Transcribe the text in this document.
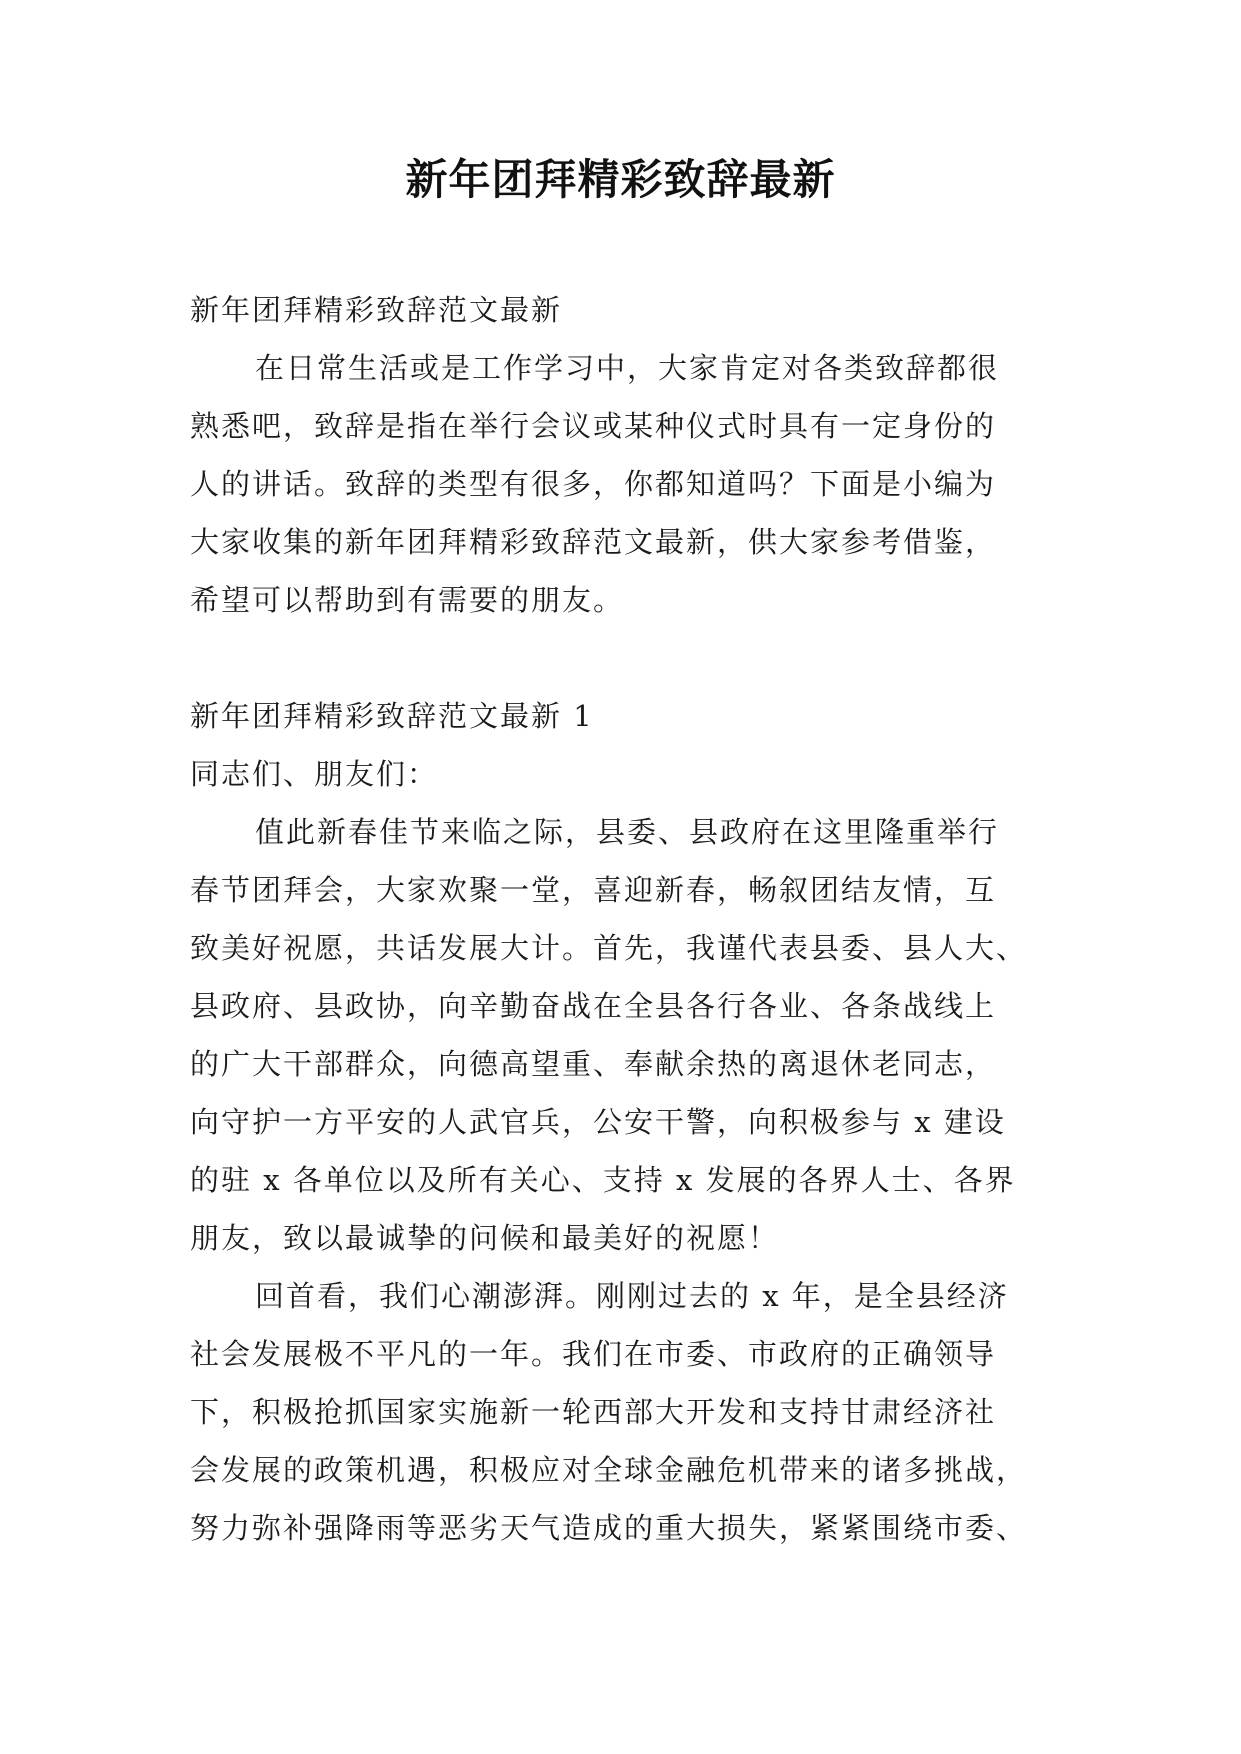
新年团拜精彩致辞最新
新年团拜精彩致辞范文最新
在日常生活或是工作学习中，大家肯定对各类致辞都很
熟悉吧，致辞是指在举行会议或某种仪式时具有一定身份的
人的讲话。致辞的类型有很多，你都知道吗？下面是小编为
大家收集的新年团拜精彩致辞范文最新，供大家参考借鉴，
希望可以帮助到有需要的朋友。
新年团拜精彩致辞范文最新 1
同志们、朋友们：
值此新春佳节来临之际，县委、县政府在这里隆重举行
春节团拜会，大家欢聚一堂，喜迎新春，畅叙团结友情，互
致美好祝愿，共话发展大计。首先，我谨代表县委、县人大、
县政府、县政协，向辛勤奋战在全县各行各业、各条战线上
的广大干部群众，向德高望重、奉献余热的离退休老同志，
向守护一方平安的人武官兵，公安干警，向积极参与 x 建设
的驻 x 各单位以及所有关心、支持 x 发展的各界人士、各界
朋友，致以最诚挚的问候和最美好的祝愿！
回首看，我们心潮澎湃。刚刚过去的 x 年，是全县经济
社会发展极不平凡的一年。我们在市委、市政府的正确领导
下，积极抢抓国家实施新一轮西部大开发和支持甘肃经济社
会发展的政策机遇，积极应对全球金融危机带来的诸多挑战，
努力弥补强降雨等恶劣天气造成的重大损失，紧紧围绕市委、
